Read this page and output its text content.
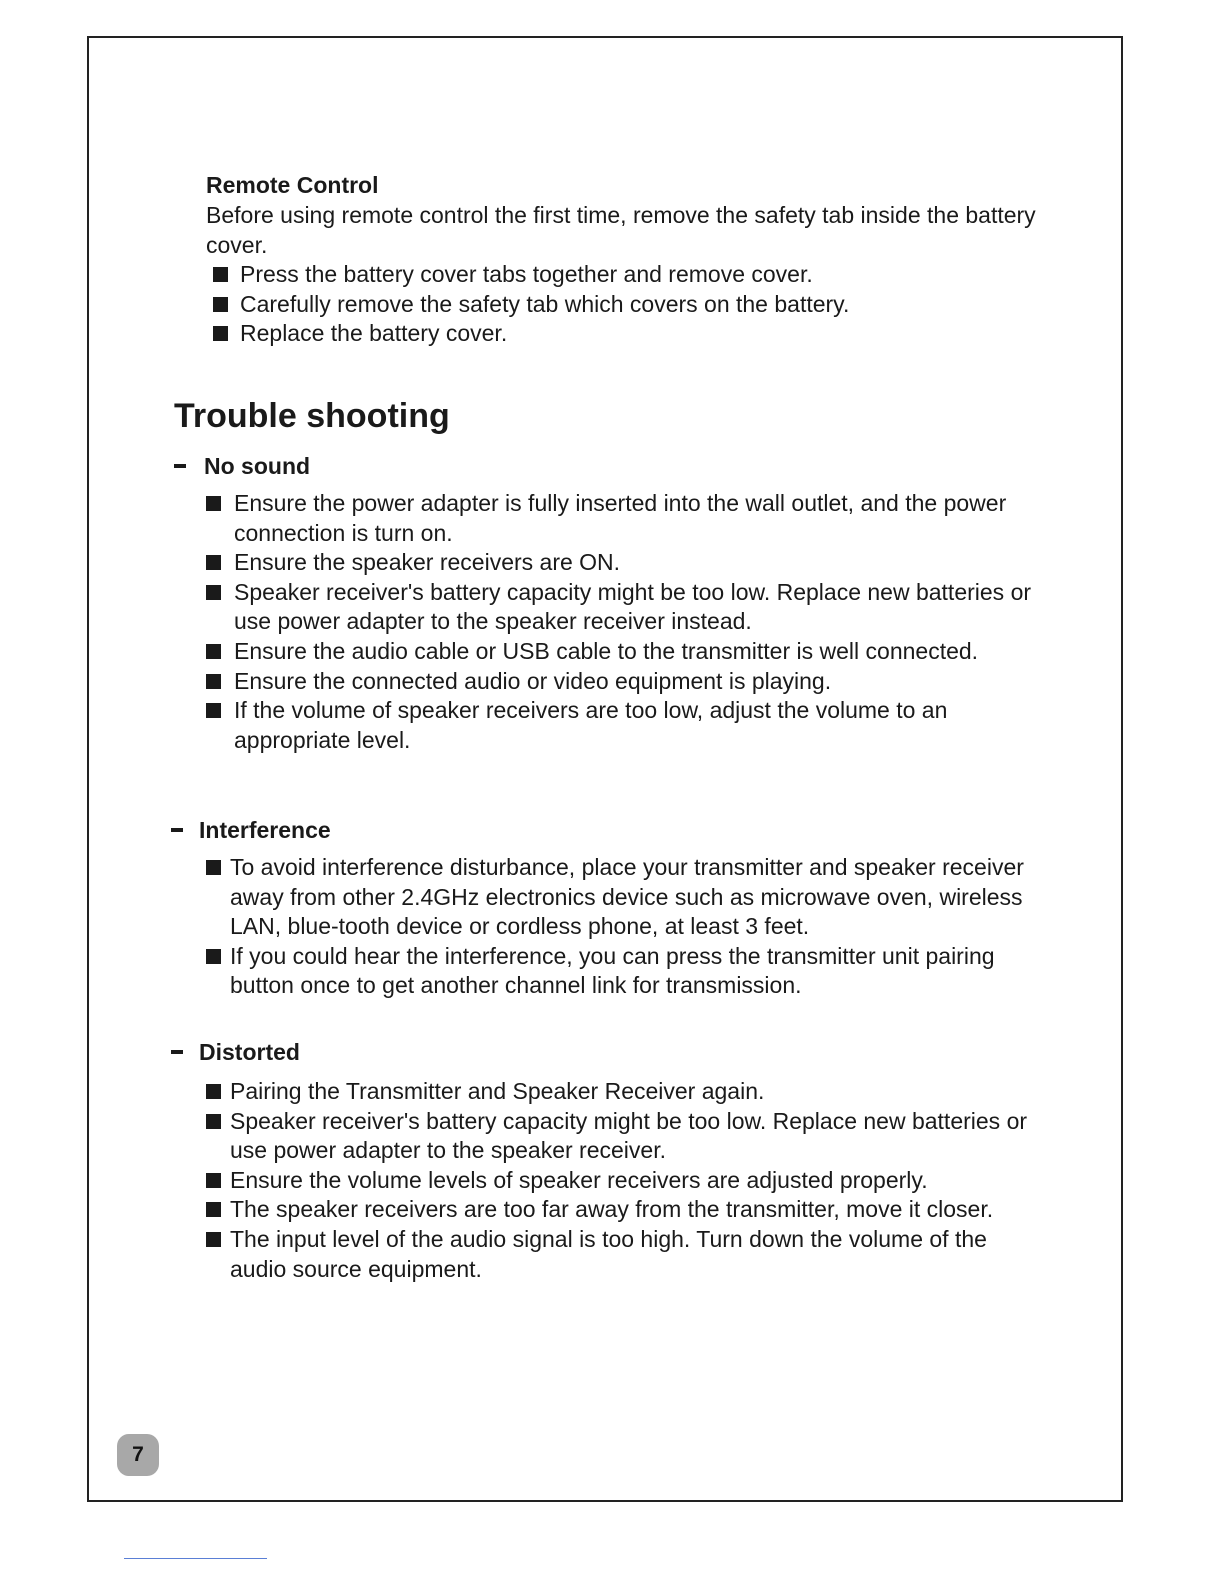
Remote Control

Before using remote control the first time, remove the safety tab inside the battery cover.

Press the battery cover tabs together and remove cover.
Carefully remove the safety tab which covers on the battery.
Replace the battery cover.

Trouble shooting

No sound

Ensure the power adapter is fully inserted into the wall outlet, and the power connection is turn on.
Ensure the speaker receivers are ON.
Speaker receiver's battery capacity might be too low. Replace new batteries or use power adapter to the speaker receiver instead.
Ensure the audio cable or USB cable to the transmitter is well connected.
Ensure the connected audio or video equipment is playing.
If the volume of speaker receivers are too low, adjust the volume to an appropriate level.

Interference

To avoid interference disturbance, place your transmitter and speaker receiver away from other 2.4GHz electronics device such as microwave oven, wireless LAN, blue-tooth device or cordless phone, at least 3 feet.
If you could hear the interference, you can press the transmitter unit pairing button once to get another channel link for transmission.

Distorted

Pairing the Transmitter and Speaker Receiver again.
Speaker receiver's battery capacity might be too low. Replace new batteries or use power adapter to the speaker receiver.
Ensure the volume levels of speaker receivers are adjusted properly.
The speaker receivers are too far away from the transmitter, move it closer.
The input level of the audio signal is too high. Turn down the volume of the audio source equipment.
7
